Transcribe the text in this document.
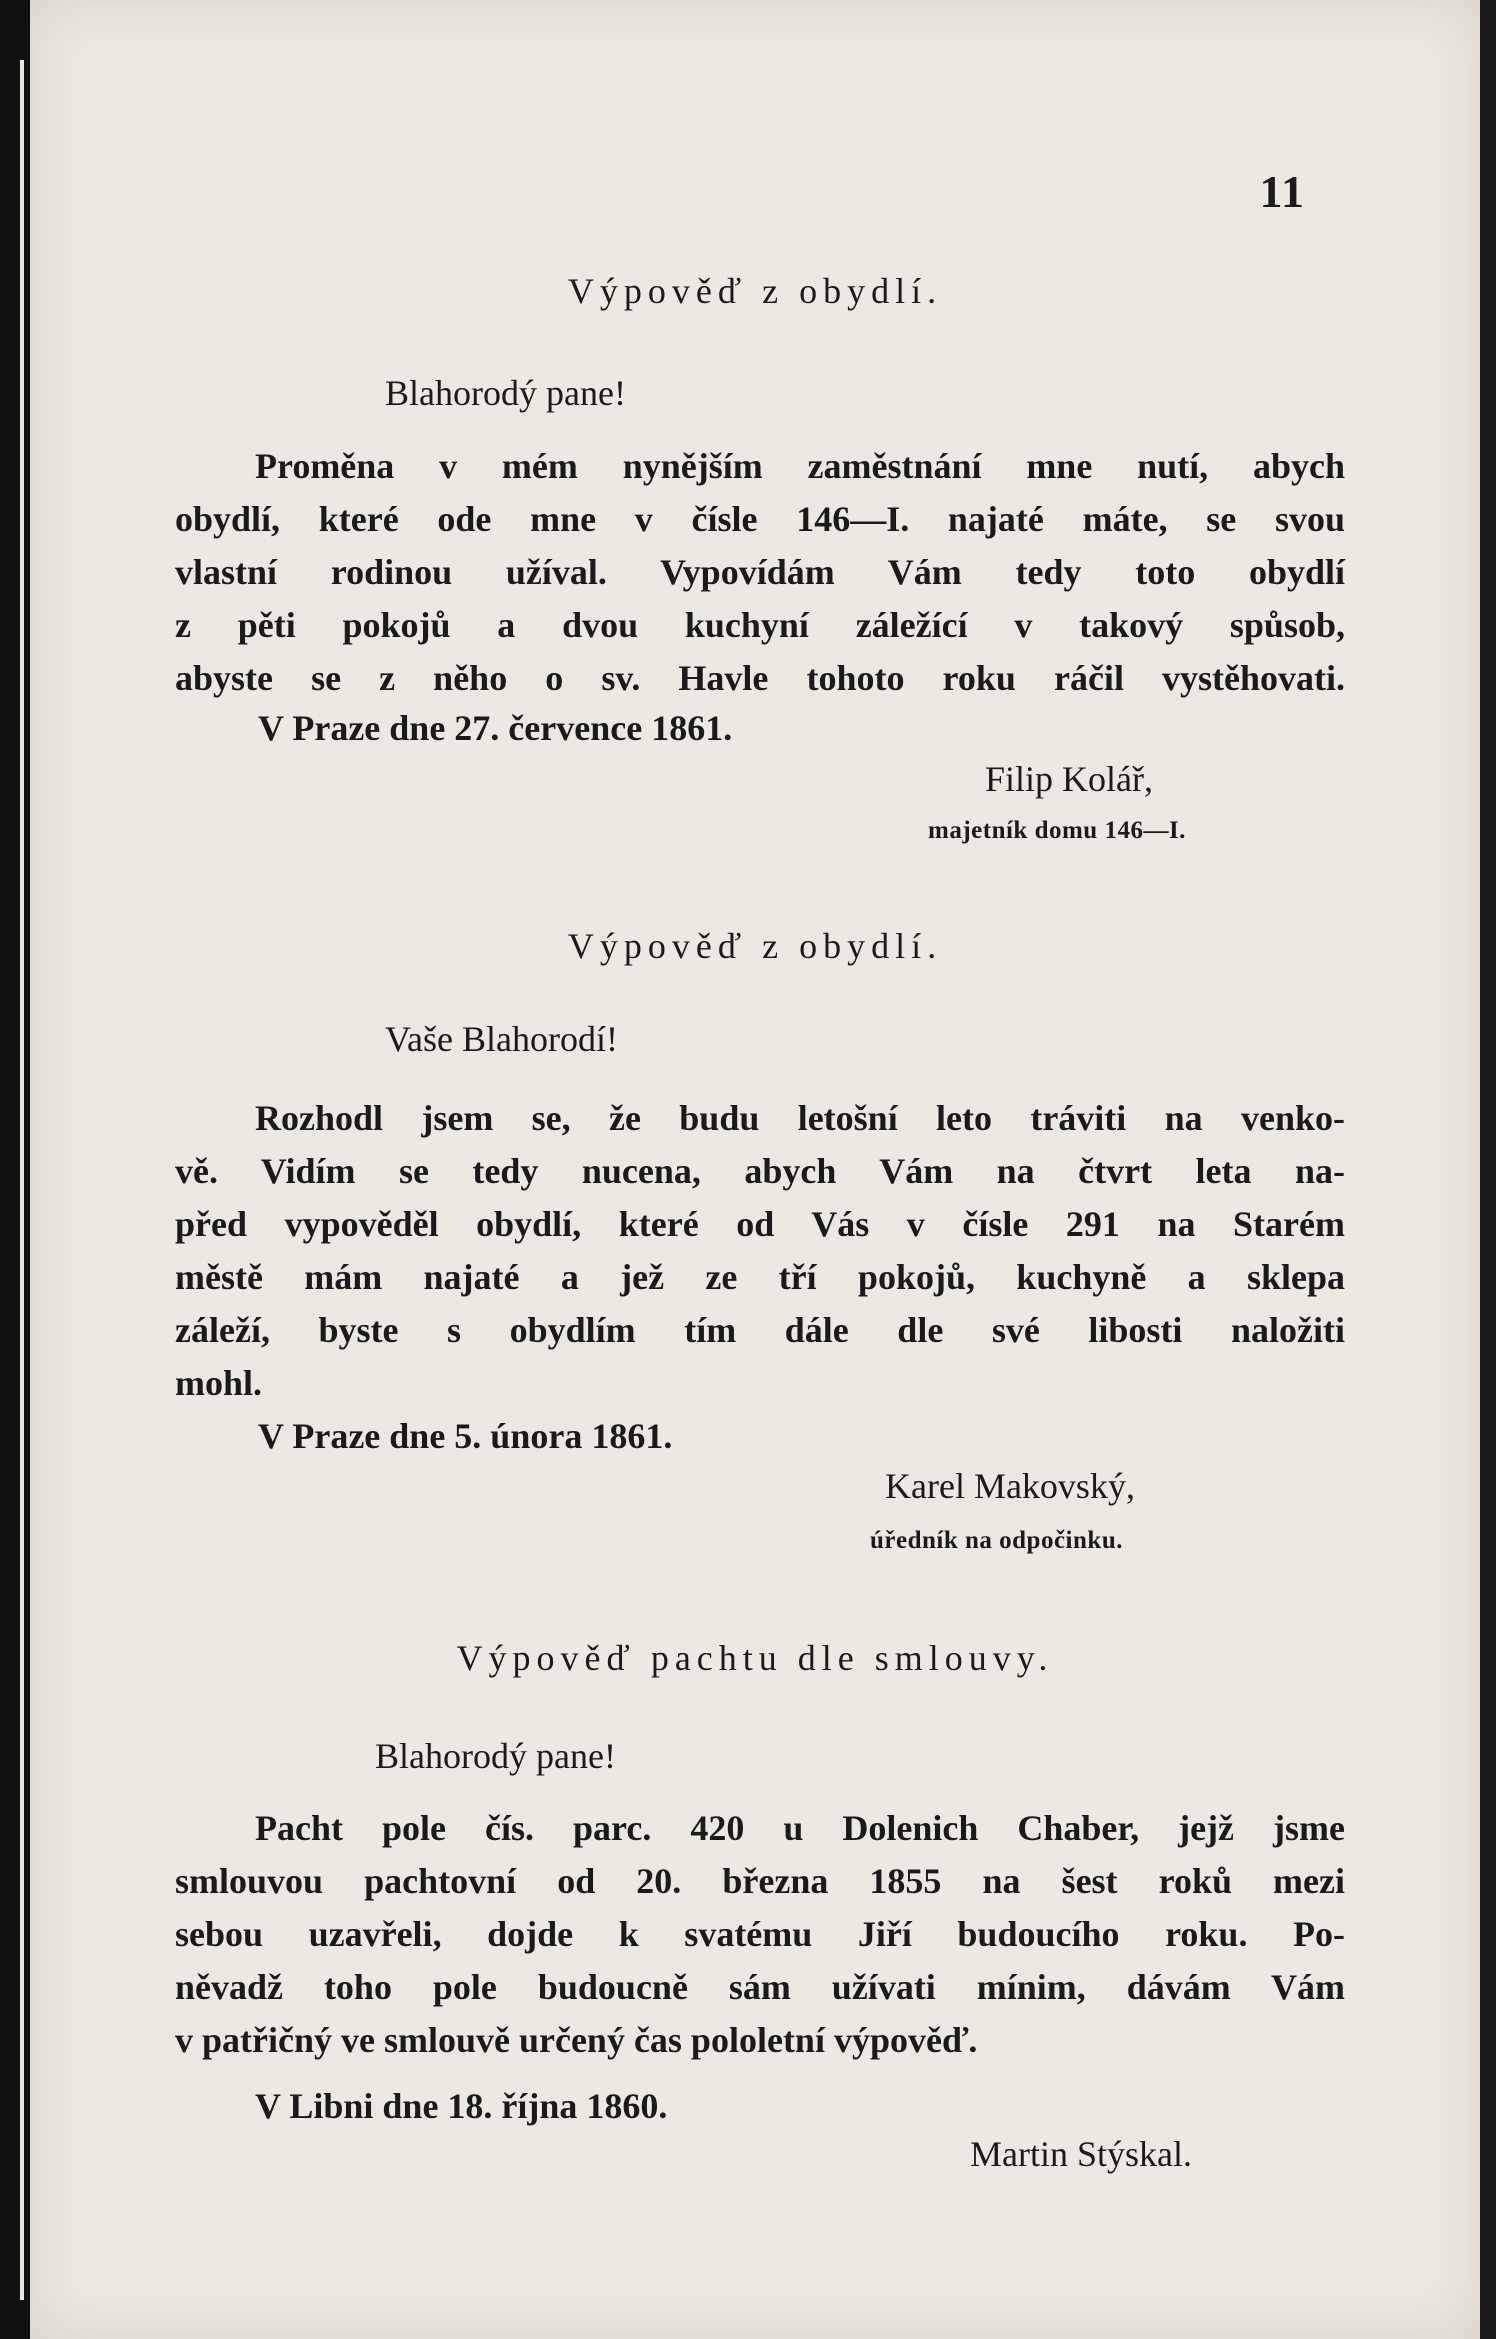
11
Výpověď z obydlí.
Blahorodý pane!
Proměna v mém nynějším zaměstnání mne nutí, abych
obydlí, které ode mne v čísle 146—I. najaté máte, se svou
vlastní rodinou užíval. Vypovídám Vám tedy toto obydlí
z pěti pokojů a dvou kuchyní záležící v takový spůsob,
abyste se z něho o sv. Havle tohoto roku ráčil vystěhovati.
V Praze dne 27. července 1861.
Filip Kolář,
majetník domu 146—I.
Výpověď z obydlí.
Vaše Blahorodí!
Rozhodl jsem se, že budu letošní leto tráviti na venko-
vě. Vidím se tedy nucena, abych Vám na čtvrt leta na-
před vypověděl obydlí, které od Vás v čísle 291 na Starém
městě mám najaté a jež ze tří pokojů, kuchyně a sklepa
záleží, byste s obydlím tím dále dle své libosti naložiti
mohl.
V Praze dne 5. února 1861.
Karel Makovský,
úředník na odpočinku.
Výpověď pachtu dle smlouvy.
Blahorodý pane!
Pacht pole čís. parc. 420 u Dolenich Chaber, jejž jsme
smlouvou pachtovní od 20. března 1855 na šest roků mezi
sebou uzavřeli, dojde k svatému Jiří budoucího roku. Po-
něvadž toho pole budoucně sám užívati mínim, dávám Vám
v patřičný ve smlouvě určený čas pololetní výpověď.
V Libni dne 18. října 1860.
Martin Stýskal.
